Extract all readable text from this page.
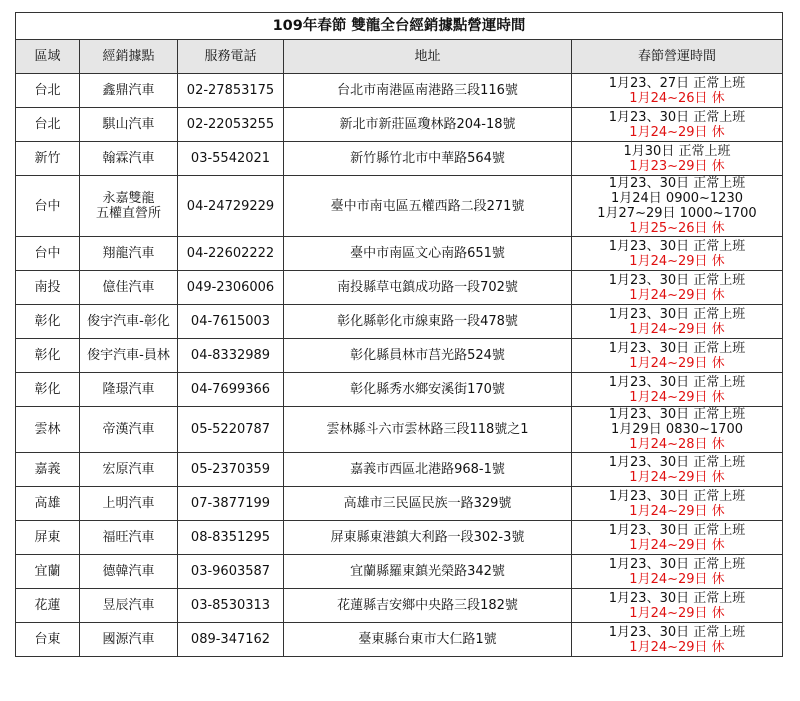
109年春節 雙龍全台經銷據點營運時間				
區域	經銷據點	服務電話	地址	春節營運時間
台北	鑫鼎汽車	02-27853175	台北市南港區南港路三段116號	1月23、27日 正常上班
1月24~26日 休

台北	騏山汽車	02-22053255	新北市新莊區瓊林路204-18號	1月23、30日 正常上班
1月24~29日 休

新竹	翰霖汽車	03-5542021	新竹縣竹北市中華路564號	1月30日 正常上班
1月23~29日 休

台中	永嘉雙龍
五權直營所	04-24729229	臺中市南屯區五權西路二段271號	1月23、30日 正常上班
1月24日 0900~1230
1月27~29日 1000~1700
1月25~26日 休

台中	翔龍汽車	04-22602222	臺中市南區文心南路651號	1月23、30日 正常上班
1月24~29日 休

南投	億佳汽車	049-2306006	南投縣草屯鎮成功路一段702號	1月23、30日 正常上班
1月24~29日 休

彰化	俊宇汽車-彰化	04-7615003	彰化縣彰化市線東路一段478號	1月23、30日 正常上班
1月24~29日 休

彰化	俊宇汽車-員林	04-8332989	彰化縣員林市莒光路524號	1月23、30日 正常上班
1月24~29日 休

彰化	隆璟汽車	04-7699366	彰化縣秀水鄉安溪街170號	1月23、30日 正常上班
1月24~29日 休

雲林	帝漢汽車	05-5220787	雲林縣斗六市雲林路三段118號之1	1月23、30日 正常上班
1月29日 0830~1700
1月24~28日 休

嘉義	宏原汽車	05-2370359	嘉義市西區北港路968-1號	1月23、30日 正常上班
1月24~29日 休

高雄	上明汽車	07-3877199	高雄市三民區民族一路329號	1月23、30日 正常上班
1月24~29日 休

屏東	福旺汽車	08-8351295	屏東縣東港鎮大利路一段302-3號	1月23、30日 正常上班
1月24~29日 休

宜蘭	德韓汽車	03-9603587	宜蘭縣羅東鎮光榮路342號	1月23、30日 正常上班
1月24~29日 休

花蓮	昱辰汽車	03-8530313	花蓮縣吉安鄉中央路三段182號	1月23、30日 正常上班
1月24~29日 休

台東	國源汽車	089-347162	臺東縣台東市大仁路1號	1月23、30日 正常上班
1月24~29日 休
